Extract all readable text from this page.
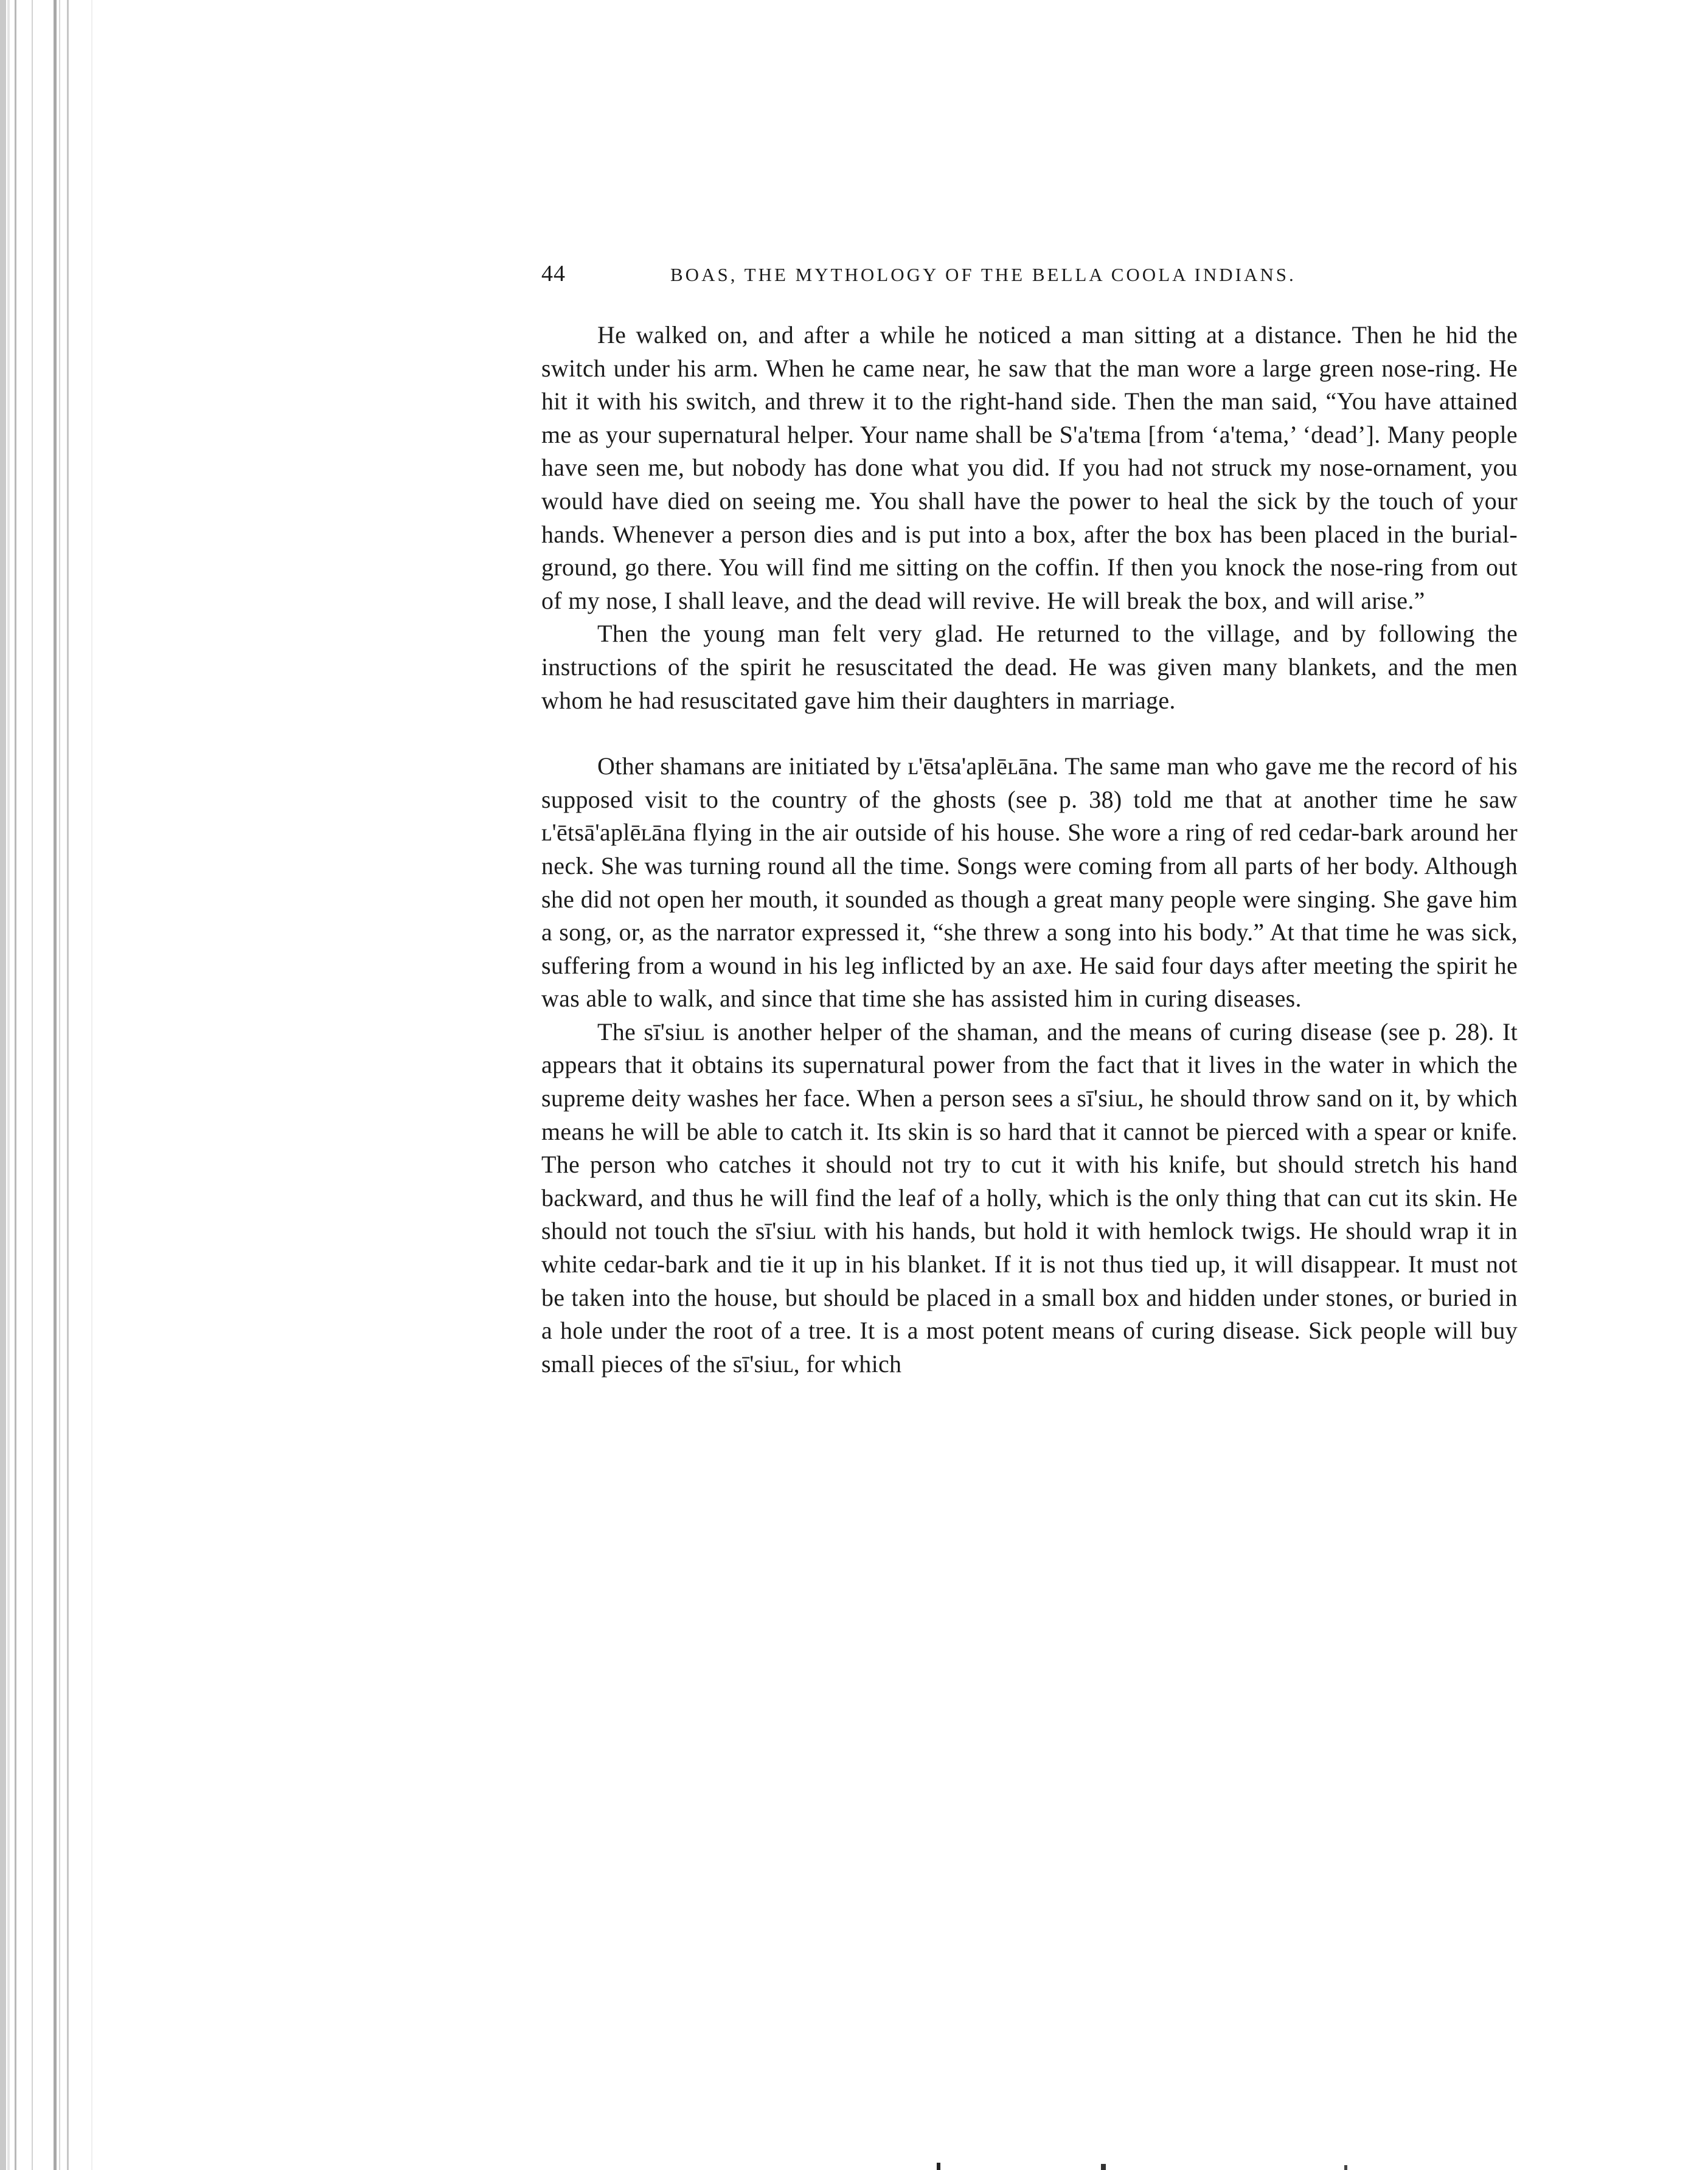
44	BOAS, THE MYTHOLOGY OF THE BELLA COOLA INDIANS.

He walked on, and after a while he noticed a man sitting at a distance. Then he hid the switch under his arm. When he came near, he saw that the man wore a large green nose-ring. He hit it with his switch, and threw it to the right-hand side. Then the man said, “You have attained me as your supernatural helper. Your name shall be S'a'tᴇma [from ‘a'tema,’ ‘dead’]. Many people have seen me, but nobody has done what you did. If you had not struck my nose-ornament, you would have died on seeing me. You shall have the power to heal the sick by the touch of your hands. Whenever a person dies and is put into a box, after the box has been placed in the burial-ground, go there. You will find me sitting on the coffin. If then you knock the nose-ring from out of my nose, I shall leave, and the dead will revive. He will break the box, and will arise.”

Then the young man felt very glad. He returned to the village, and by following the instructions of the spirit he resuscitated the dead. He was given many blankets, and the men whom he had resuscitated gave him their daughters in marriage.

Other shamans are initiated by ʟ'ētsa'aplēʟāna. The same man who gave me the record of his supposed visit to the country of the ghosts (see p. 38) told me that at another time he saw ʟ'ētsā'aplēʟāna flying in the air outside of his house. She wore a ring of red cedar-bark around her neck. She was turning round all the time. Songs were coming from all parts of her body. Although she did not open her mouth, it sounded as though a great many people were singing. She gave him a song, or, as the narrator expressed it, “she threw a song into his body.” At that time he was sick, suffering from a wound in his leg inflicted by an axe. He said four days after meeting the spirit he was able to walk, and since that time she has assisted him in curing diseases.

The sī'siuʟ is another helper of the shaman, and the means of curing disease (see p. 28). It appears that it obtains its supernatural power from the fact that it lives in the water in which the supreme deity washes her face. When a person sees a sī'siuʟ, he should throw sand on it, by which means he will be able to catch it. Its skin is so hard that it cannot be pierced with a spear or knife. The person who catches it should not try to cut it with his knife, but should stretch his hand backward, and thus he will find the leaf of a holly, which is the only thing that can cut its skin. He should not touch the sī'siuʟ with his hands, but hold it with hemlock twigs. He should wrap it in white cedar-bark and tie it up in his blanket. If it is not thus tied up, it will disappear. It must not be taken into the house, but should be placed in a small box and hidden under stones, or buried in a hole under the root of a tree. It is a most potent means of curing disease. Sick people will buy small pieces of the sī'siuʟ, for which
